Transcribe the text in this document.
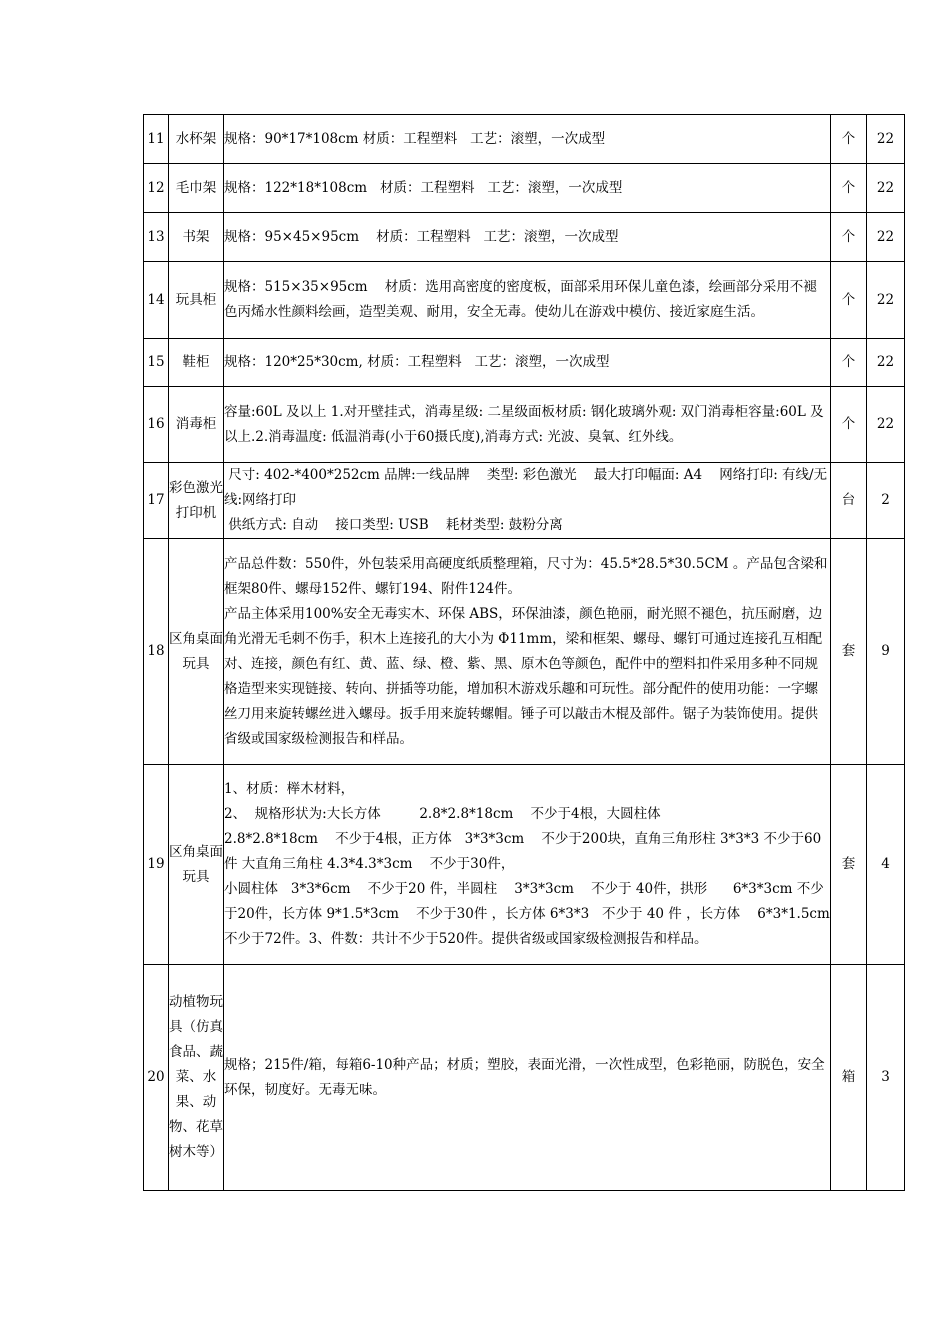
11	水杯架	规格：90*17*108cm 材质：工程塑料   工艺：滚塑，一次成型	个	22
12	毛巾架	规格：122*18*108cm   材质：工程塑料   工艺：滚塑，一次成型	个	22
13	书架	规格：95×45×95cm    材质：工程塑料   工艺：滚塑，一次成型	个	22
14	玩具柜	规格：515×35×95cm    材质：选用高密度的密度板，面部采用环保儿童色漆，绘画部分采用不褪色丙烯水性颜料绘画，造型美观、耐用，安全无毒。使幼儿在游戏中模仿、接近家庭生活。	个	22
15	鞋柜	规格：120*25*30cm, 材质：工程塑料   工艺：滚塑，一次成型	个	22
16	消毒柜	容量:60L 及以上 1.对开壁挂式，消毒星级: 二星级面板材质: 钢化玻璃外观: 双门消毒柜容量:60L 及以上.2.消毒温度: 低温消毒(小于60摄氏度),消毒方式: 光波、臭氧、红外线。	个	22
17	彩色激光打印机	尺寸: 402-*400*252cm 品牌:一线品牌    类型: 彩色激光    最大打印幅面: A4    网络打印: 有线/无线:网络打印
供纸方式: 自动    接口类型: USB    耗材类型: 鼓粉分离	台	2
18	区角桌面玩具	产品总件数：550件，外包装采用高硬度纸质整理箱，尺寸为：45.5*28.5*30.5CM 。产品包含梁和框架80件、螺母152件、螺钉194、附件124件。
产品主体采用100%安全无毒实木、环保 ABS，环保油漆，颜色艳丽，耐光照不褪色，抗压耐磨，边角光滑无毛刺不伤手，积木上连接孔的大小为 Φ11mm，梁和框架、螺母、螺钉可通过连接孔互相配对、连接，颜色有红、黄、蓝、绿、橙、紫、黑、原木色等颜色，配件中的塑料扣件采用多种不同规格造型来实现链接、转向、拼插等功能，增加积木游戏乐趣和可玩性。部分配件的使用功能：一字螺丝刀用来旋转螺丝进入螺母。扳手用来旋转螺帽。锤子可以敲击木棍及部件。锯子为装饰使用。提供省级或国家级检测报告和样品。	套	9
19	区角桌面玩具	1、材质：榉木材料，
2、  规格形状为:大长方体         2.8*2.8*18cm    不少于4根，大圆柱体
2.8*2.8*18cm    不少于4根，正方体   3*3*3cm    不少于200块，直角三角形柱 3*3*3 不少于60件 大直角三角柱 4.3*4.3*3cm    不少于30件，
小圆柱体   3*3*6cm    不少于20 件，半圆柱    3*3*3cm    不少于 40件，拱形      6*3*3cm 不少于20件，长方体 9*1.5*3cm    不少于30件 ，长方体 6*3*3   不少于 40 件 ，长方体    6*3*1.5cm 不少于72件。3、件数：共计不少于520件。提供省级或国家级检测报告和样品。	套	4
20	动植物玩具（仿真食品、蔬菜、水果、动物、花草树木等）	规格；215件/箱，每箱6-10种产品；材质；塑胶，表面光滑，一次性成型，色彩艳丽，防脱色，安全环保，韧度好。无毒无味。	箱	3
